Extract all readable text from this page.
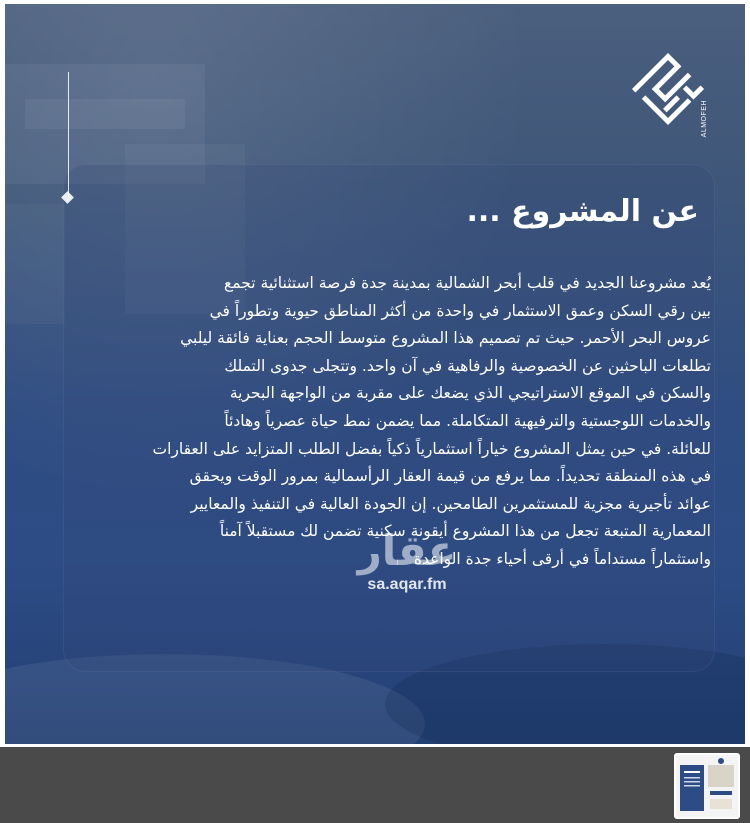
ALMOFEH
عن المشروع ...
يُعد مشروعنا الجديد في قلب أبحر الشمالية بمدينة جدة فرصة استثنائية تجمع
بين رقي السكن وعمق الاستثمار في واحدة من أكثر المناطق حيوية وتطوراً في
عروس البحر الأحمر. حيث تم تصميم هذا المشروع متوسط الحجم بعناية فائقة ليلبي
تطلعات الباحثين عن الخصوصية والرفاهية في آن واحد. وتتجلى جدوى التملك
والسكن في الموقع الاستراتيجي الذي يضعك على مقربة من الواجهة البحرية
والخدمات اللوجستية والترفيهية المتكاملة. مما يضمن نمط حياة عصرياً وهادئاً
للعائلة. في حين يمثل المشروع خياراً استثمارياً ذكياً بفضل الطلب المتزايد على العقارات
في هذه المنطقة تحديداً. مما يرفع من قيمة العقار الرأسمالية بمرور الوقت ويحقق
عوائد تأجيرية مجزية للمستثمرين الطامحين. إن الجودة العالية في التنفيذ والمعايير
المعمارية المتبعة تجعل من هذا المشروع أيقونة سكنية تضمن لك مستقبلاً آمناً
واستثماراً مستداماً في أرقى أحياء جدة الواعدة
عقار
sa.aqar.fm
